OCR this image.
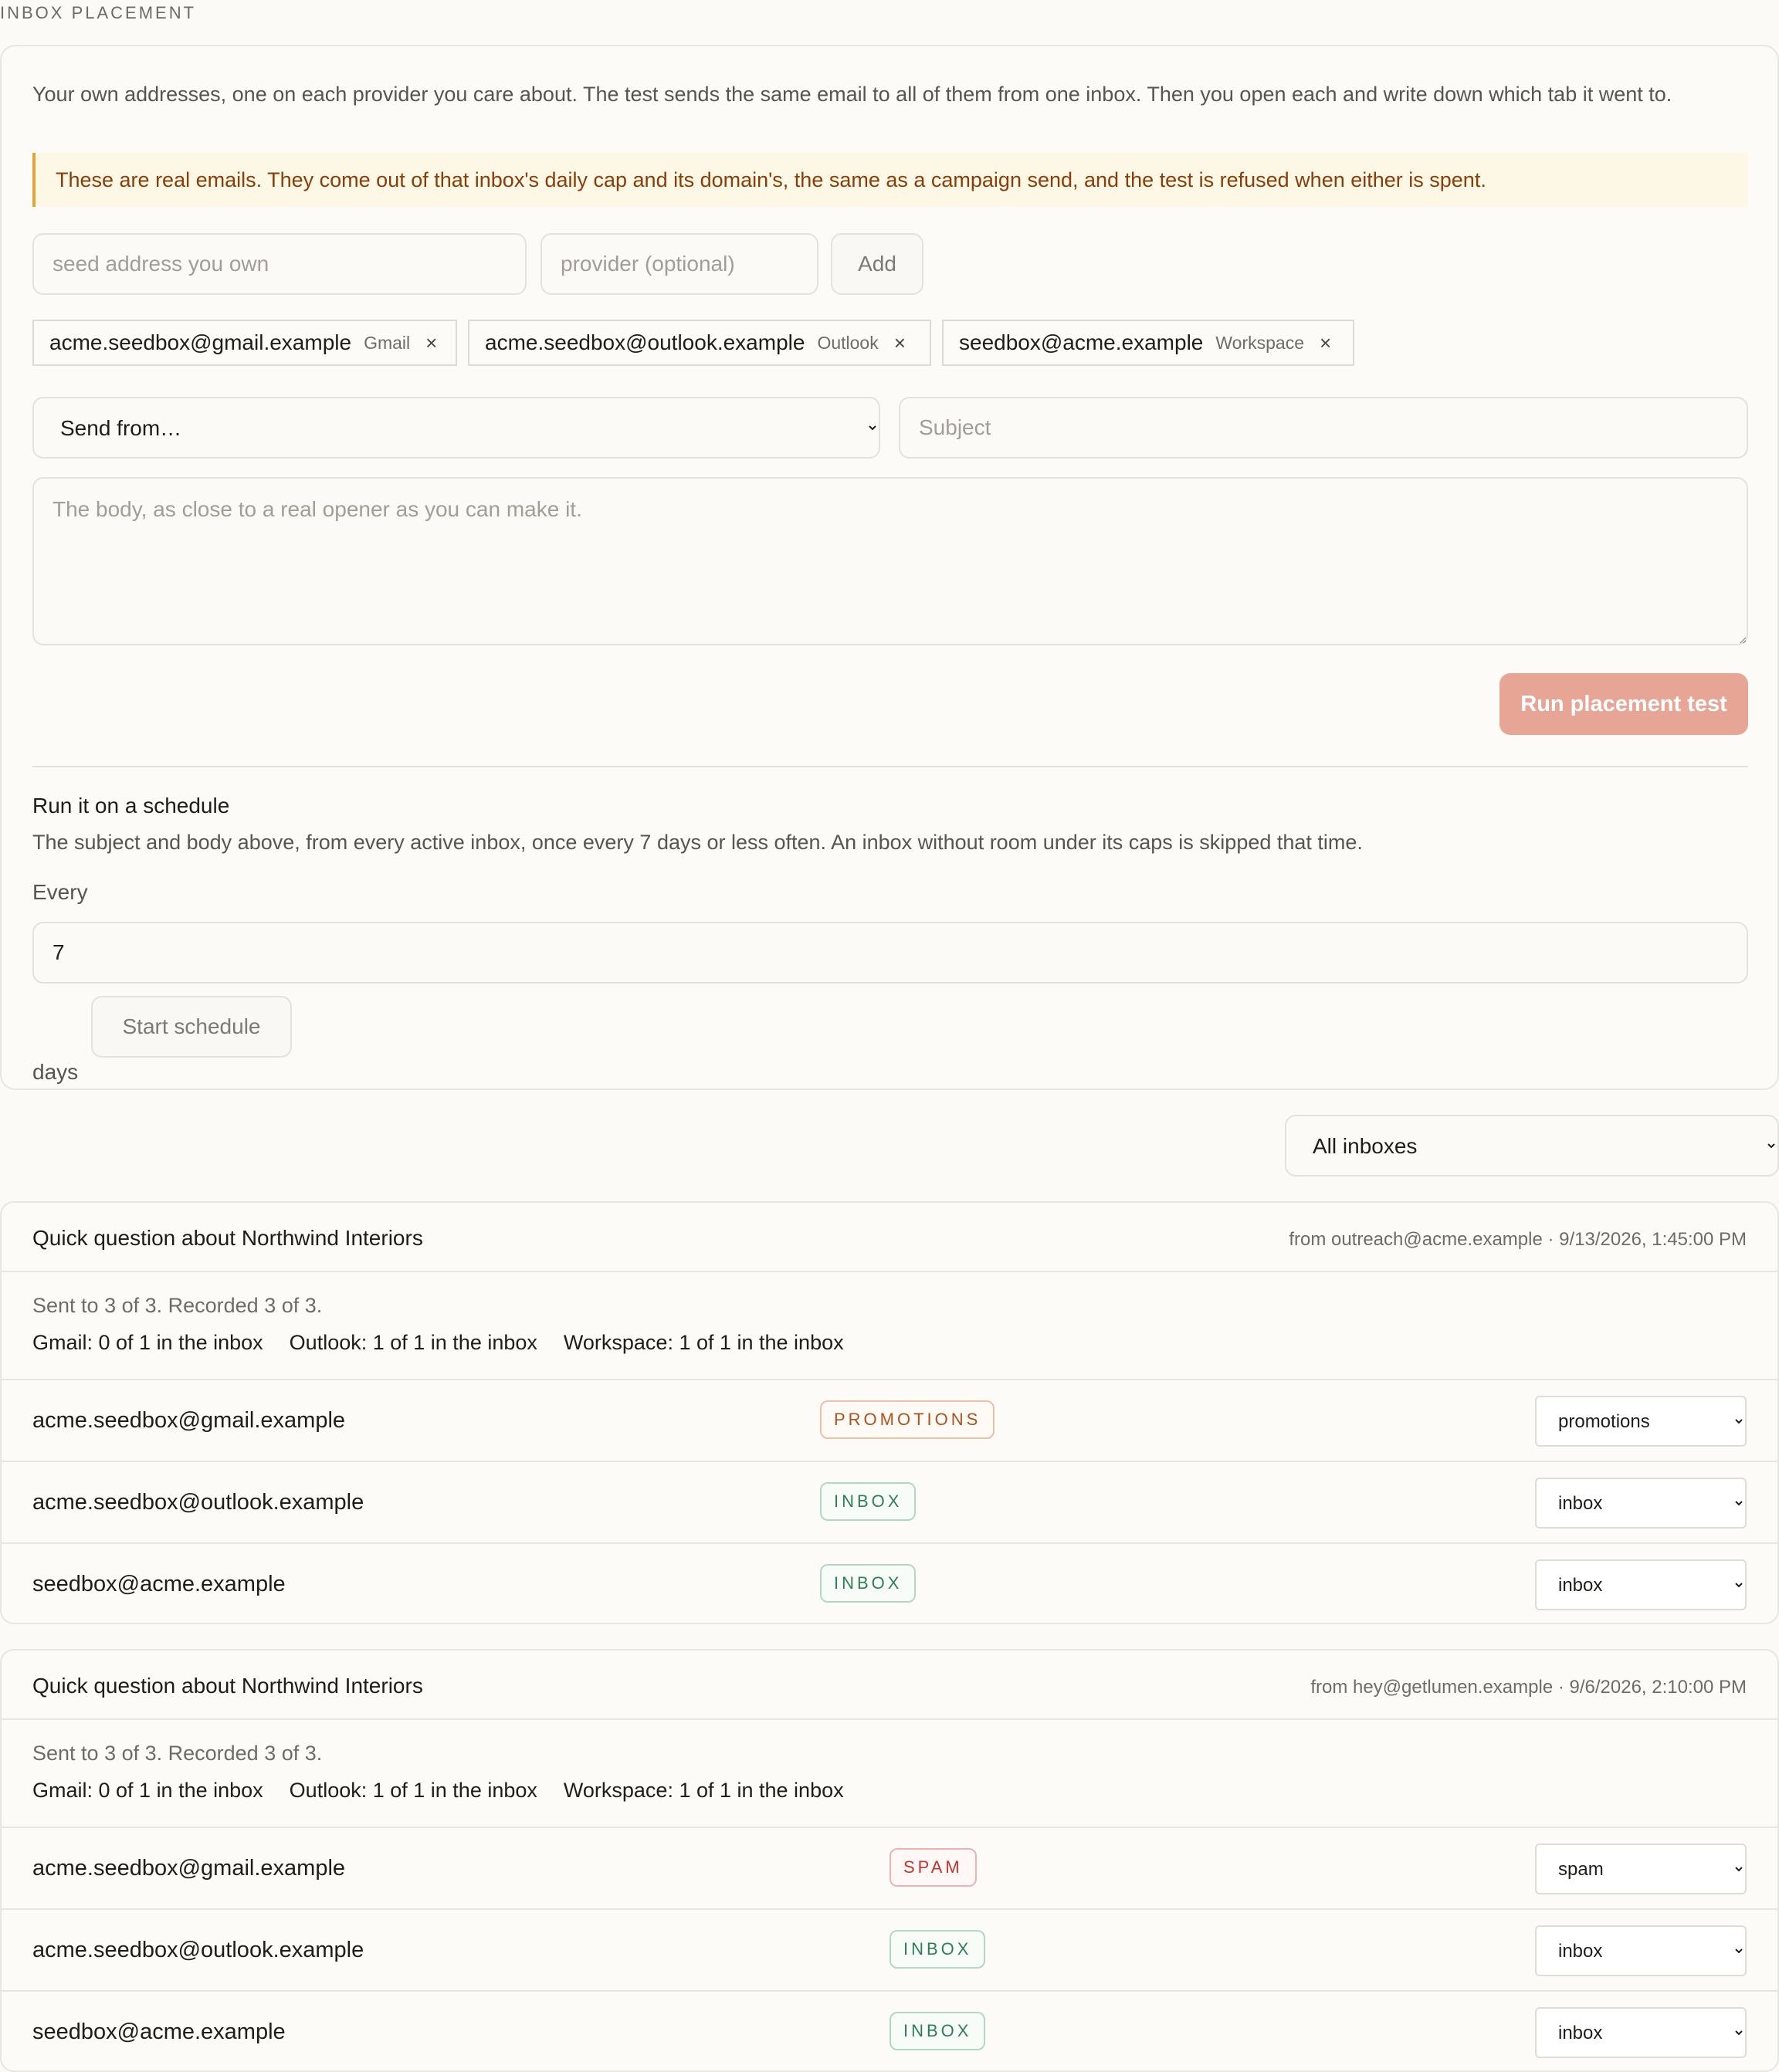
INBOX PLACEMENT
Your own addresses, one on each provider you care about. The test sends the same email to all of them from one inbox. Then you open each and write down which tab it went to.
These are real emails. They come out of that inbox's daily cap and its domain's, the same as a campaign send, and the test is refused when either is spent.
seed address you own
provider (optional)
Add
acme.seedbox@gmail.example Gmail × acme.seedbox@outlook.example Outlook × seedbox@acme.example Workspace ×
Send from…
Subject
The body, as close to a real opener as you can make it.
Run placement test
Run it on a schedule
The subject and body above, from every active inbox, once every 7 days or less often. An inbox without room under its caps is skipped that time.
Every
7
days
Start schedule
All inboxes
Quick question about Northwind Interiors	from outreach@acme.example · 9/13/2026, 1:45:00 PM
Sent to 3 of 3. Recorded 3 of 3.
Gmail: 0 of 1 in the inbox Outlook: 1 of 1 in the inbox Workspace: 1 of 1 in the inbox
acme.seedbox@gmail.example	PROMOTIONS
promotions
acme.seedbox@outlook.example	INBOX
inbox
seedbox@acme.example	INBOX
inbox
Quick question about Northwind Interiors	from hey@getlumen.example · 9/6/2026, 2:10:00 PM
Sent to 3 of 3. Recorded 3 of 3.
Gmail: 0 of 1 in the inbox Outlook: 1 of 1 in the inbox Workspace: 1 of 1 in the inbox
acme.seedbox@gmail.example	SPAM
spam
acme.seedbox@outlook.example	INBOX
inbox
seedbox@acme.example	INBOX
inbox
